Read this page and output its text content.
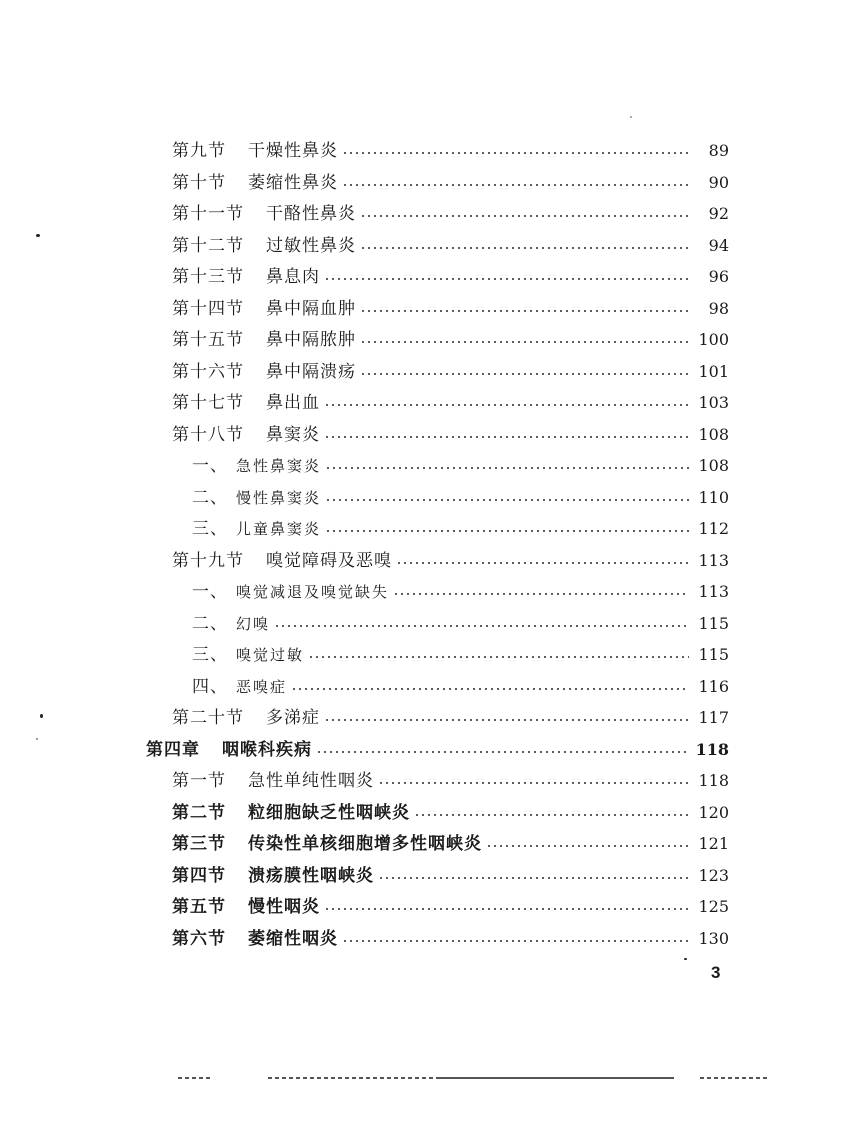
第九节 干燥性鼻炎	89
第十节 萎缩性鼻炎	90
第十一节 干酪性鼻炎	92
第十二节 过敏性鼻炎	94
第十三节 鼻息肉	96
第十四节 鼻中隔血肿	98
第十五节 鼻中隔脓肿	100
第十六节 鼻中隔溃疡	101
第十七节 鼻出血	103
第十八节 鼻窦炎	108
一、 急性鼻窦炎	108
二、 慢性鼻窦炎	110
三、 儿童鼻窦炎	112
第十九节 嗅觉障碍及恶嗅	113
一、 嗅觉减退及嗅觉缺失	113
二、 幻嗅	115
三、 嗅觉过敏	115
四、 恶嗅症	116
第二十节 多涕症	117
第四章 咽喉科疾病	118
第一节 急性单纯性咽炎	118
第二节 粒细胞缺乏性咽峡炎	120
第三节 传染性单核细胞增多性咽峡炎	121
第四节 溃疡膜性咽峡炎	123
第五节 慢性咽炎	125
第六节 萎缩性咽炎	130
3
